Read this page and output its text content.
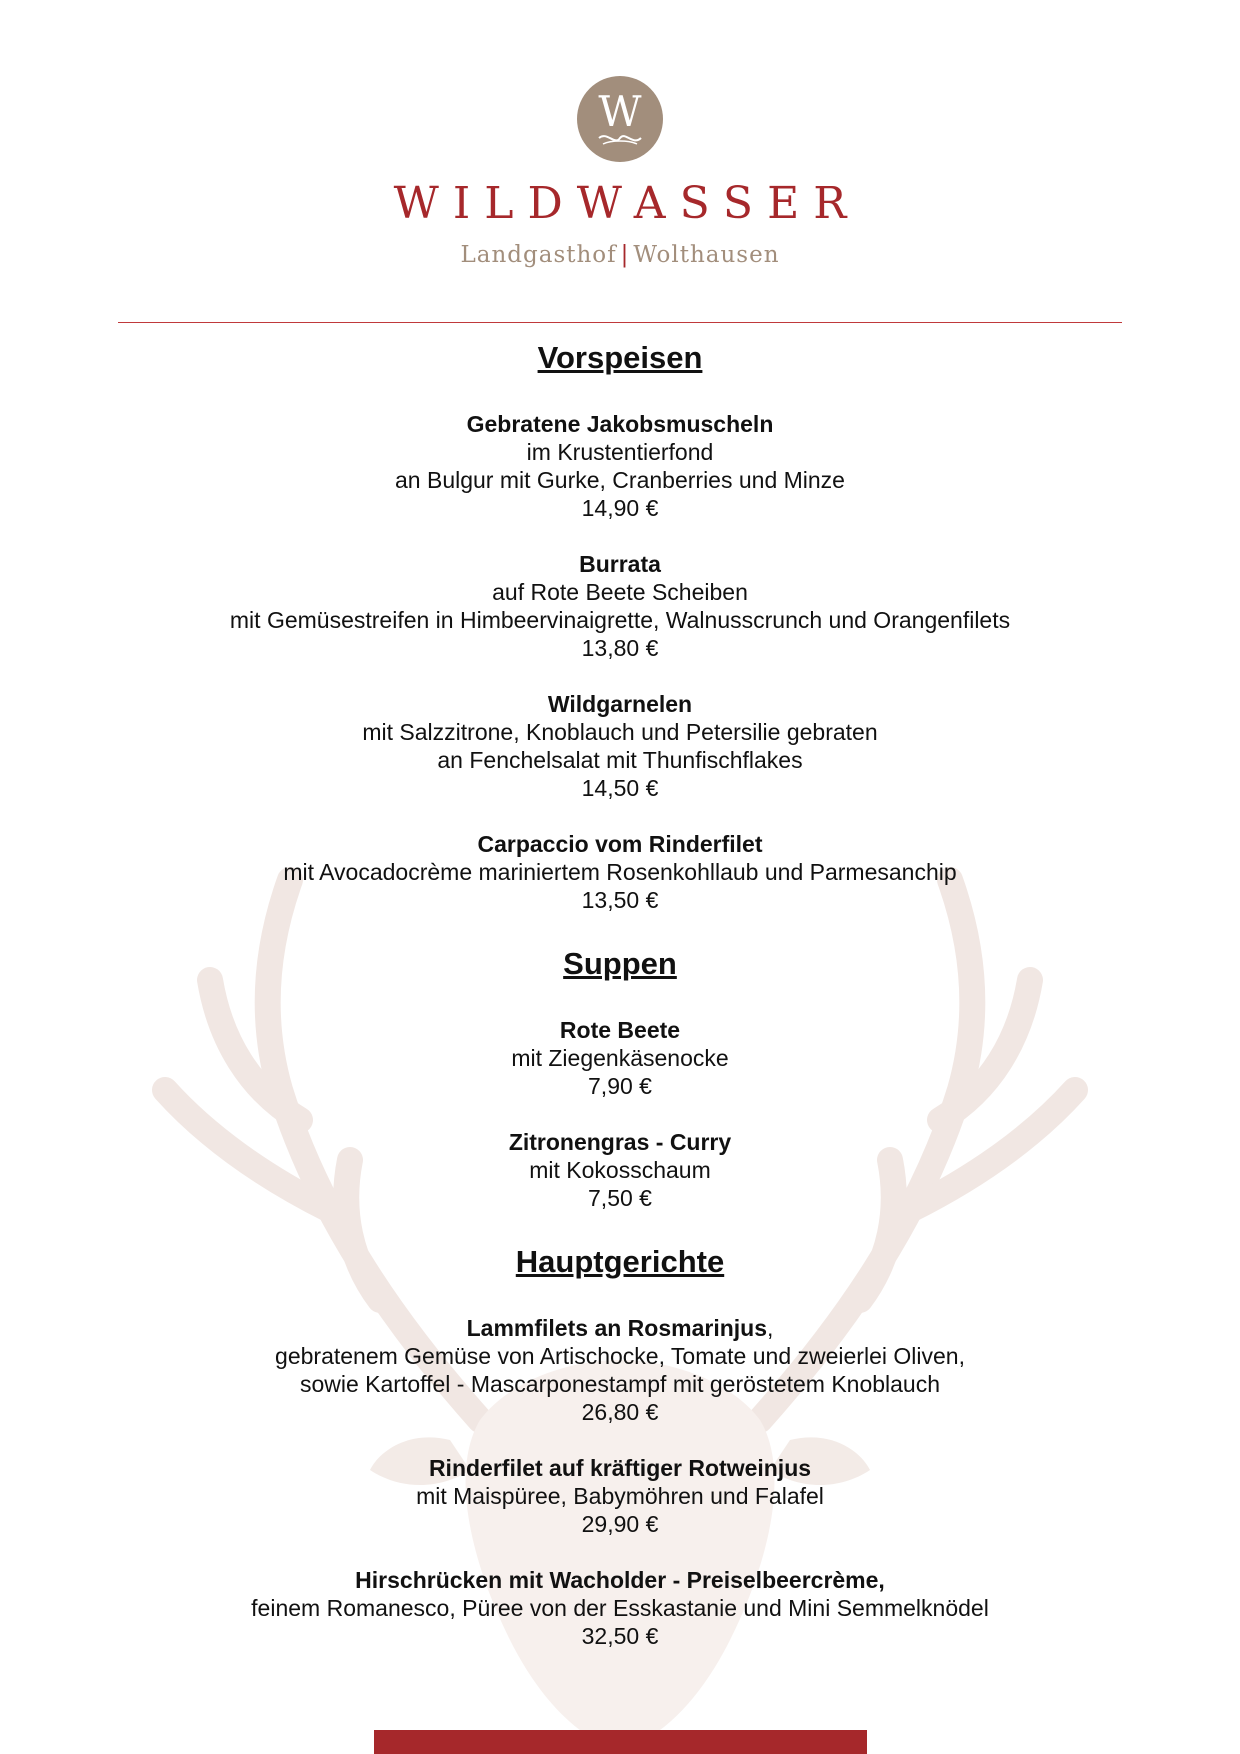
W
WILDWASSER
Landgasthof | Wolthausen
Vorspeisen
Gebratene Jakobsmuscheln
im Krustentierfond
an Bulgur mit Gurke, Cranberries und Minze
14,90 €
Burrata
auf Rote Beete Scheiben
mit Gemüsestreifen in Himbeervinaigrette, Walnusscrunch und Orangenfilets
13,80 €
Wildgarnelen
mit Salzzitrone, Knoblauch und Petersilie gebraten
an Fenchelsalat mit Thunfischflakes
14,50 €
Carpaccio vom Rinderfilet
mit Avocadocrème mariniertem Rosenkohllaub und Parmesanchip
13,50 €
Suppen
Rote Beete
mit Ziegenkäsenocke
7,90 €
Zitronengras - Curry
mit Kokosschaum
7,50 €
Hauptgerichte
Lammfilets an Rosmarinjus,
gebratenem Gemüse von Artischocke, Tomate und zweierlei Oliven,
sowie Kartoffel - Mascarponestampf mit geröstetem Knoblauch
26,80 €
Rinderfilet auf kräftiger Rotweinjus
mit Maispüree, Babymöhren und Falafel
29,90 €
Hirschrücken mit Wacholder - Preiselbeercrème,
feinem Romanesco, Püree von der Esskastanie und Mini Semmelknödel
32,50 €
